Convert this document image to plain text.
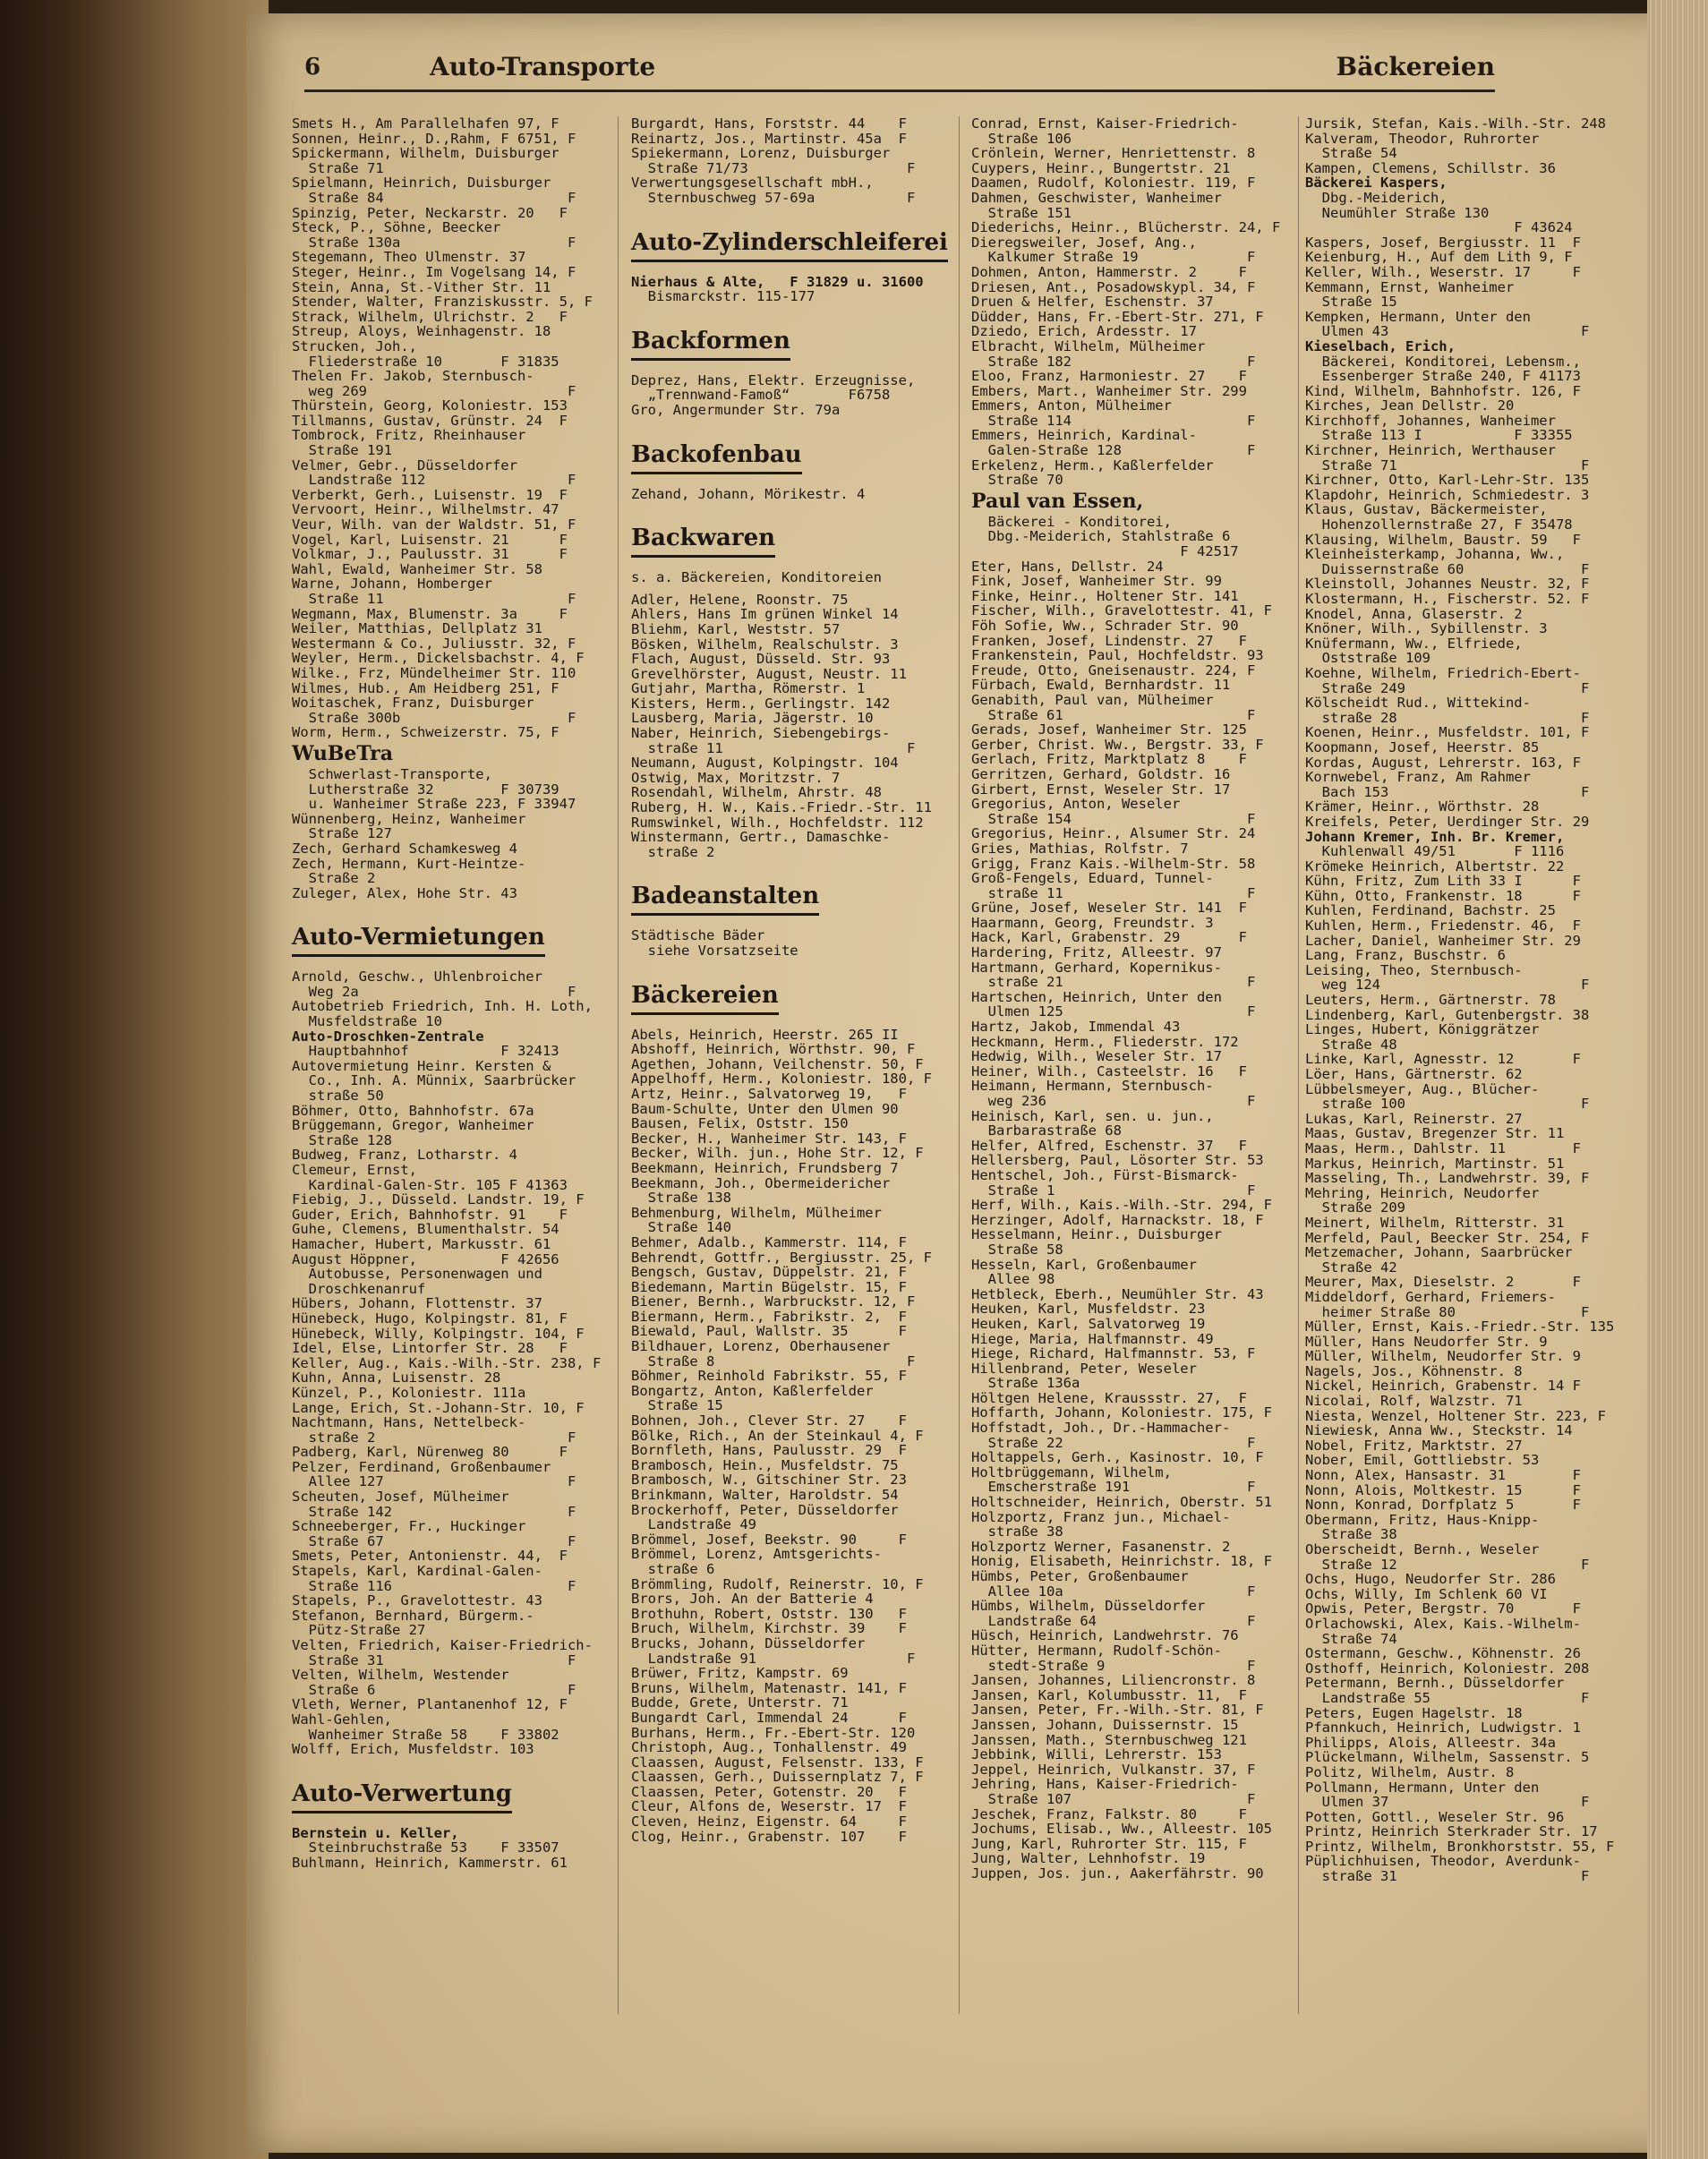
6	Auto-Transporte	Bäckereien
Smets H., Am Parallelhafen 97, F
Sonnen, Heinr., D.,Rahm, F 6751, F
Spickermann, Wilhelm, Duisburger
Straße 71
Spielmann, Heinrich, Duisburger
Straße 84                      F
Spinzig, Peter, Neckarstr. 20   F
Steck, P., Söhne, Beecker
Straße 130a                    F
Stegemann, Theo Ulmenstr. 37
Steger, Heinr., Im Vogelsang 14, F
Stein, Anna, St.-Vither Str. 11
Stender, Walter, Franziskusstr. 5, F
Strack, Wilhelm, Ulrichstr. 2   F
Streup, Aloys, Weinhagenstr. 18
Strucken, Joh.,
Fliederstraße 10       F 31835
Thelen Fr. Jakob, Sternbusch-
weg 269                        F
Thürstein, Georg, Koloniestr. 153
Tillmanns, Gustav, Grünstr. 24  F
Tombrock, Fritz, Rheinhauser
Straße 191
Velmer, Gebr., Düsseldorfer
Landstraße 112                 F
Verberkt, Gerh., Luisenstr. 19  F
Vervoort, Heinr., Wilhelmstr. 47
Veur, Wilh. van der Waldstr. 51, F
Vogel, Karl, Luisenstr. 21      F
Volkmar, J., Paulusstr. 31      F
Wahl, Ewald, Wanheimer Str. 58
Warne, Johann, Homberger
Straße 11                      F
Wegmann, Max, Blumenstr. 3a     F
Weiler, Matthias, Dellplatz 31
Westermann & Co., Juliusstr. 32, F
Weyler, Herm., Dickelsbachstr. 4, F
Wilke., Frz, Mündelheimer Str. 110
Wilmes, Hub., Am Heidberg 251, F
Woitaschek, Franz, Duisburger
Straße 300b                    F
Worm, Herm., Schweizerstr. 75, F
WuBeTra
Schwerlast-Transporte,
Lutherstraße 32        F 30739
u. Wanheimer Straße 223, F 33947
Wünnenberg, Heinz, Wanheimer
Straße 127
Zech, Gerhard Schamkesweg 4
Zech, Hermann, Kurt-Heintze-
Straße 2
Zuleger, Alex, Hohe Str. 43
Auto-Vermietungen
Arnold, Geschw., Uhlenbroicher
Weg 2a                         F
Autobetrieb Friedrich, Inh. H. Loth,
Musfeldstraße 10
Auto-Droschken-Zentrale
Hauptbahnhof           F 32413
Autovermietung Heinr. Kersten &
Co., Inh. A. Münnix, Saarbrücker
straße 50
Böhmer, Otto, Bahnhofstr. 67a
Brüggemann, Gregor, Wanheimer
Straße 128
Budweg, Franz, Lotharstr. 4
Clemeur, Ernst,
Kardinal-Galen-Str. 105 F 41363
Fiebig, J., Düsseld. Landstr. 19, F
Guder, Erich, Bahnhofstr. 91    F
Guhe, Clemens, Blumenthalstr. 54
Hamacher, Hubert, Markusstr. 61
August Höppner,          F 42656
Autobusse, Personenwagen und
Droschkenanruf
Hübers, Johann, Flottenstr. 37
Hünebeck, Hugo, Kolpingstr. 81, F
Hünebeck, Willy, Kolpingstr. 104, F
Idel, Else, Lintorfer Str. 28   F
Keller, Aug., Kais.-Wilh.-Str. 238, F
Kuhn, Anna, Luisenstr. 28
Künzel, P., Koloniestr. 111a
Lange, Erich, St.-Johann-Str. 10, F
Nachtmann, Hans, Nettelbeck-
straße 2                       F
Padberg, Karl, Nürenweg 80      F
Pelzer, Ferdinand, Großenbaumer
Allee 127                      F
Scheuten, Josef, Mülheimer
Straße 142                     F
Schneeberger, Fr., Huckinger
Straße 67                      F
Smets, Peter, Antonienstr. 44,  F
Stapels, Karl, Kardinal-Galen-
Straße 116                     F
Stapels, P., Gravelottestr. 43
Stefanon, Bernhard, Bürgerm.-
Pütz-Straße 27
Velten, Friedrich, Kaiser-Friedrich-
Straße 31                      F
Velten, Wilhelm, Westender
Straße 6                       F
Vleth, Werner, Plantanenhof 12, F
Wahl-Gehlen,
Wanheimer Straße 58    F 33802
Wolff, Erich, Musfeldstr. 103
Auto-Verwertung
Bernstein u. Keller,
Steinbruchstraße 53    F 33507
Buhlmann, Heinrich, Kammerstr. 61
Burgardt, Hans, Forststr. 44    F
Reinartz, Jos., Martinstr. 45a  F
Spiekermann, Lorenz, Duisburger
Straße 71/73                   F
Verwertungsgesellschaft mbH.,
Sternbuschweg 57-69a           F
Auto-Zylinderschleiferei
Nierhaus & Alte,   F 31829 u. 31600
Bismarckstr. 115-177
Backformen
Deprez, Hans, Elektr. Erzeugnisse,
„Trennwand-Famoß“       F6758
Gro, Angermunder Str. 79a
Backofenbau
Zehand, Johann, Mörikestr. 4
Backwaren
s. a. Bäckereien, Konditoreien
Adler, Helene, Roonstr. 75
Ahlers, Hans Im grünen Winkel 14
Bliehm, Karl, Weststr. 57
Bösken, Wilhelm, Realschulstr. 3
Flach, August, Düsseld. Str. 93
Grevelhörster, August, Neustr. 11
Gutjahr, Martha, Römerstr. 1
Kisters, Herm., Gerlingstr. 142
Lausberg, Maria, Jägerstr. 10
Naber, Heinrich, Siebengebirgs-
straße 11                      F
Neumann, August, Kolpingstr. 104
Ostwig, Max, Moritzstr. 7
Rosendahl, Wilhelm, Ahrstr. 48
Ruberg, H. W., Kais.-Friedr.-Str. 11
Rumswinkel, Wilh., Hochfeldstr. 112
Winstermann, Gertr., Damaschke-
straße 2
Badeanstalten
Städtische Bäder
siehe Vorsatzseite
Bäckereien
Abels, Heinrich, Heerstr. 265 II
Abshoff, Heinrich, Wörthstr. 90, F
Agethen, Johann, Veilchenstr. 50, F
Appelhoff, Herm., Koloniestr. 180, F
Artz, Heinr., Salvatorweg 19,   F
Baum-Schulte, Unter den Ulmen 90
Bausen, Felix, Oststr. 150
Becker, H., Wanheimer Str. 143, F
Becker, Wilh. jun., Hohe Str. 12, F
Beekmann, Heinrich, Frundsberg 7
Beekmann, Joh., Obermeidericher
Straße 138
Behmenburg, Wilhelm, Mülheimer
Straße 140
Behmer, Adalb., Kammerstr. 114, F
Behrendt, Gottfr., Bergiusstr. 25, F
Bengsch, Gustav, Düppelstr. 21, F
Biedemann, Martin Bügelstr. 15, F
Biener, Bernh., Warbruckstr. 12, F
Biermann, Herm., Fabrikstr. 2,  F
Biewald, Paul, Wallstr. 35      F
Bildhauer, Lorenz, Oberhausener
Straße 8                       F
Böhmer, Reinhold Fabrikstr. 55, F
Bongartz, Anton, Kaßlerfelder
Straße 15
Bohnen, Joh., Clever Str. 27    F
Bölke, Rich., An der Steinkaul 4, F
Bornfleth, Hans, Paulusstr. 29  F
Brambosch, Hein., Musfeldstr. 75
Brambosch, W., Gitschiner Str. 23
Brinkmann, Walter, Haroldstr. 54
Brockerhoff, Peter, Düsseldorfer
Landstraße 49
Brömmel, Josef, Beekstr. 90     F
Brömmel, Lorenz, Amtsgerichts-
straße 6
Brömmling, Rudolf, Reinerstr. 10, F
Brors, Joh. An der Batterie 4
Brothuhn, Robert, Oststr. 130   F
Bruch, Wilhelm, Kirchstr. 39    F
Brucks, Johann, Düsseldorfer
Landstraße 91                  F
Brüwer, Fritz, Kampstr. 69
Bruns, Wilhelm, Matenastr. 141, F
Budde, Grete, Unterstr. 71
Bungardt Carl, Immendal 24      F
Burhans, Herm., Fr.-Ebert-Str. 120
Christoph, Aug., Tonhallenstr. 49
Claassen, August, Felsenstr. 133, F
Claassen, Gerh., Duissernplatz 7, F
Claassen, Peter, Gotenstr. 20   F
Cleur, Alfons de, Weserstr. 17  F
Cleven, Heinz, Eigenstr. 64     F
Clog, Heinr., Grabenstr. 107    F
Conrad, Ernst, Kaiser-Friedrich-
Straße 106
Crönlein, Werner, Henriettenstr. 8
Cuypers, Heinr., Bungertstr. 21
Daamen, Rudolf, Koloniestr. 119, F
Dahmen, Geschwister, Wanheimer
Straße 151
Diederichs, Heinr., Blücherstr. 24, F
Dieregsweiler, Josef, Ang.,
Kalkumer Straße 19             F
Dohmen, Anton, Hammerstr. 2     F
Driesen, Ant., Posadowskypl. 34, F
Druen & Helfer, Eschenstr. 37
Düdder, Hans, Fr.-Ebert-Str. 271, F
Dziedo, Erich, Ardesstr. 17
Elbracht, Wilhelm, Mülheimer
Straße 182                     F
Eloo, Franz, Harmoniestr. 27    F
Embers, Mart., Wanheimer Str. 299
Emmers, Anton, Mülheimer
Straße 114                     F
Emmers, Heinrich, Kardinal-
Galen-Straße 128               F
Erkelenz, Herm., Kaßlerfelder
Straße 70
Paul van Essen,
Bäckerei - Konditorei,
Dbg.-Meiderich, Stahlstraße 6
F 42517
Eter, Hans, Dellstr. 24
Fink, Josef, Wanheimer Str. 99
Finke, Heinr., Holtener Str. 141
Fischer, Wilh., Gravelottestr. 41, F
Föh Sofie, Ww., Schrader Str. 90
Franken, Josef, Lindenstr. 27   F
Frankenstein, Paul, Hochfeldstr. 93
Freude, Otto, Gneisenaustr. 224, F
Fürbach, Ewald, Bernhardstr. 11
Genabith, Paul van, Mülheimer
Straße 61                      F
Gerads, Josef, Wanheimer Str. 125
Gerber, Christ. Ww., Bergstr. 33, F
Gerlach, Fritz, Marktplatz 8    F
Gerritzen, Gerhard, Goldstr. 16
Girbert, Ernst, Weseler Str. 17
Gregorius, Anton, Weseler
Straße 154                     F
Gregorius, Heinr., Alsumer Str. 24
Gries, Mathias, Rolfstr. 7
Grigg, Franz Kais.-Wilhelm-Str. 58
Groß-Fengels, Eduard, Tunnel-
straße 11                      F
Grüne, Josef, Weseler Str. 141  F
Haarmann, Georg, Freundstr. 3
Hack, Karl, Grabenstr. 29       F
Hardering, Fritz, Alleestr. 97
Hartmann, Gerhard, Kopernikus-
straße 21                      F
Hartschen, Heinrich, Unter den
Ulmen 125                      F
Hartz, Jakob, Immendal 43
Heckmann, Herm., Fliederstr. 172
Hedwig, Wilh., Weseler Str. 17
Heiner, Wilh., Casteelstr. 16   F
Heimann, Hermann, Sternbusch-
weg 236                        F
Heinisch, Karl, sen. u. jun.,
Barbarastraße 68
Helfer, Alfred, Eschenstr. 37   F
Hellersberg, Paul, Lösorter Str. 53
Hentschel, Joh., Fürst-Bismarck-
Straße 1                       F
Herf, Wilh., Kais.-Wilh.-Str. 294, F
Herzinger, Adolf, Harnackstr. 18, F
Hesselmann, Heinr., Duisburger
Straße 58
Hesseln, Karl, Großenbaumer
Allee 98
Hetbleck, Eberh., Neumühler Str. 43
Heuken, Karl, Musfeldstr. 23
Heuken, Karl, Salvatorweg 19
Hiege, Maria, Halfmannstr. 49
Hiege, Richard, Halfmannstr. 53, F
Hillenbrand, Peter, Weseler
Straße 136a
Höltgen Helene, Kraussstr. 27,  F
Hoffarth, Johann, Koloniestr. 175, F
Hoffstadt, Joh., Dr.-Hammacher-
Straße 22                      F
Holtappels, Gerh., Kasinostr. 10, F
Holtbrüggemann, Wilhelm,
Emscherstraße 191              F
Holtschneider, Heinrich, Oberstr. 51
Holzportz, Franz jun., Michael-
straße 38
Holzportz Werner, Fasanenstr. 2
Honig, Elisabeth, Heinrichstr. 18, F
Hümbs, Peter, Großenbaumer
Allee 10a                      F
Hümbs, Wilhelm, Düsseldorfer
Landstraße 64                  F
Hüsch, Heinrich, Landwehrstr. 76
Hütter, Hermann, Rudolf-Schön-
stedt-Straße 9                 F
Jansen, Johannes, Liliencronstr. 8
Jansen, Karl, Kolumbusstr. 11,  F
Jansen, Peter, Fr.-Wilh.-Str. 81, F
Janssen, Johann, Duissernstr. 15
Janssen, Math., Sternbuschweg 121
Jebbink, Willi, Lehrerstr. 153
Jeppel, Heinrich, Vulkanstr. 37, F
Jehring, Hans, Kaiser-Friedrich-
Straße 107                     F
Jeschek, Franz, Falkstr. 80     F
Jochums, Elisab., Ww., Alleestr. 105
Jung, Karl, Ruhrorter Str. 115, F
Jung, Walter, Lehnhofstr. 19
Juppen, Jos. jun., Aakerfährstr. 90
Jursik, Stefan, Kais.-Wilh.-Str. 248
Kalveram, Theodor, Ruhrorter
Straße 54
Kampen, Clemens, Schillstr. 36
Bäckerei Kaspers,
Dbg.-Meiderich,
Neumühler Straße 130
F 43624
Kaspers, Josef, Bergiusstr. 11  F
Keienburg, H., Auf dem Lith 9, F
Keller, Wilh., Weserstr. 17     F
Kemmann, Ernst, Wanheimer
Straße 15
Kempken, Hermann, Unter den
Ulmen 43                       F
Kieselbach, Erich,
Bäckerei, Konditorei, Lebensm.,
Essenberger Straße 240, F 41173
Kind, Wilhelm, Bahnhofstr. 126, F
Kirches, Jean Dellstr. 20
Kirchhoff, Johannes, Wanheimer
Straße 113 I           F 33355
Kirchner, Heinrich, Werthauser
Straße 71                      F
Kirchner, Otto, Karl-Lehr-Str. 135
Klapdohr, Heinrich, Schmiedestr. 3
Klaus, Gustav, Bäckermeister,
Hohenzollernstraße 27, F 35478
Klausing, Wilhelm, Baustr. 59   F
Kleinheisterkamp, Johanna, Ww.,
Duissernstraße 60              F
Kleinstoll, Johannes Neustr. 32, F
Klostermann, H., Fischerstr. 52. F
Knodel, Anna, Glaserstr. 2
Knöner, Wilh., Sybillenstr. 3
Knüfermann, Ww., Elfriede,
Oststraße 109
Koehne, Wilhelm, Friedrich-Ebert-
Straße 249                     F
Kölscheidt Rud., Wittekind-
straße 28                      F
Koenen, Heinr., Musfeldstr. 101, F
Koopmann, Josef, Heerstr. 85
Kordas, August, Lehrerstr. 163, F
Kornwebel, Franz, Am Rahmer
Bach 153                       F
Krämer, Heinr., Wörthstr. 28
Kreifels, Peter, Uerdinger Str. 29
Johann Kremer, Inh. Br. Kremer,
Kuhlenwall 49/51       F 1116
Krömeke Heinrich, Albertstr. 22
Kühn, Fritz, Zum Lith 33 I      F
Kühn, Otto, Frankenstr. 18      F
Kuhlen, Ferdinand, Bachstr. 25
Kuhlen, Herm., Friedenstr. 46,  F
Lacher, Daniel, Wanheimer Str. 29
Lang, Franz, Buschstr. 6
Leising, Theo, Sternbusch-
weg 124                        F
Leuters, Herm., Gärtnerstr. 78
Lindenberg, Karl, Gutenbergstr. 38
Linges, Hubert, Königgrätzer
Straße 48
Linke, Karl, Agnesstr. 12       F
Löer, Hans, Gärtnerstr. 62
Lübbelsmeyer, Aug., Blücher-
straße 100                     F
Lukas, Karl, Reinerstr. 27
Maas, Gustav, Bregenzer Str. 11
Maas, Herm., Dahlstr. 11        F
Markus, Heinrich, Martinstr. 51
Masseling, Th., Landwehrstr. 39, F
Mehring, Heinrich, Neudorfer
Straße 209
Meinert, Wilhelm, Ritterstr. 31
Merfeld, Paul, Beecker Str. 254, F
Metzemacher, Johann, Saarbrücker
Straße 42
Meurer, Max, Dieselstr. 2       F
Middeldorf, Gerhard, Friemers-
heimer Straße 80               F
Müller, Ernst, Kais.-Friedr.-Str. 135
Müller, Hans Neudorfer Str. 9
Müller, Wilhelm, Neudorfer Str. 9
Nagels, Jos., Köhnenstr. 8
Nickel, Heinrich, Grabenstr. 14 F
Nicolai, Rolf, Walzstr. 71
Niesta, Wenzel, Holtener Str. 223, F
Niewiesk, Anna Ww., Steckstr. 14
Nobel, Fritz, Marktstr. 27
Nober, Emil, Gottliebstr. 53
Nonn, Alex, Hansastr. 31        F
Nonn, Alois, Moltkestr. 15      F
Nonn, Konrad, Dorfplatz 5       F
Obermann, Fritz, Haus-Knipp-
Straße 38
Oberscheidt, Bernh., Weseler
Straße 12                      F
Ochs, Hugo, Neudorfer Str. 286
Ochs, Willy, Im Schlenk 60 VI
Opwis, Peter, Bergstr. 70       F
Orlachowski, Alex, Kais.-Wilhelm-
Straße 74
Ostermann, Geschw., Köhnenstr. 26
Osthoff, Heinrich, Koloniestr. 208
Petermann, Bernh., Düsseldorfer
Landstraße 55                  F
Peters, Eugen Hagelstr. 18
Pfannkuch, Heinrich, Ludwigstr. 1
Philipps, Alois, Alleestr. 34a
Plückelmann, Wilhelm, Sassenstr. 5
Politz, Wilhelm, Austr. 8
Pollmann, Hermann, Unter den
Ulmen 37                       F
Potten, Gottl., Weseler Str. 96
Printz, Heinrich Sterkrader Str. 17
Printz, Wilhelm, Bronkhorststr. 55, F
Püplichhuisen, Theodor, Averdunk-
straße 31                      F
